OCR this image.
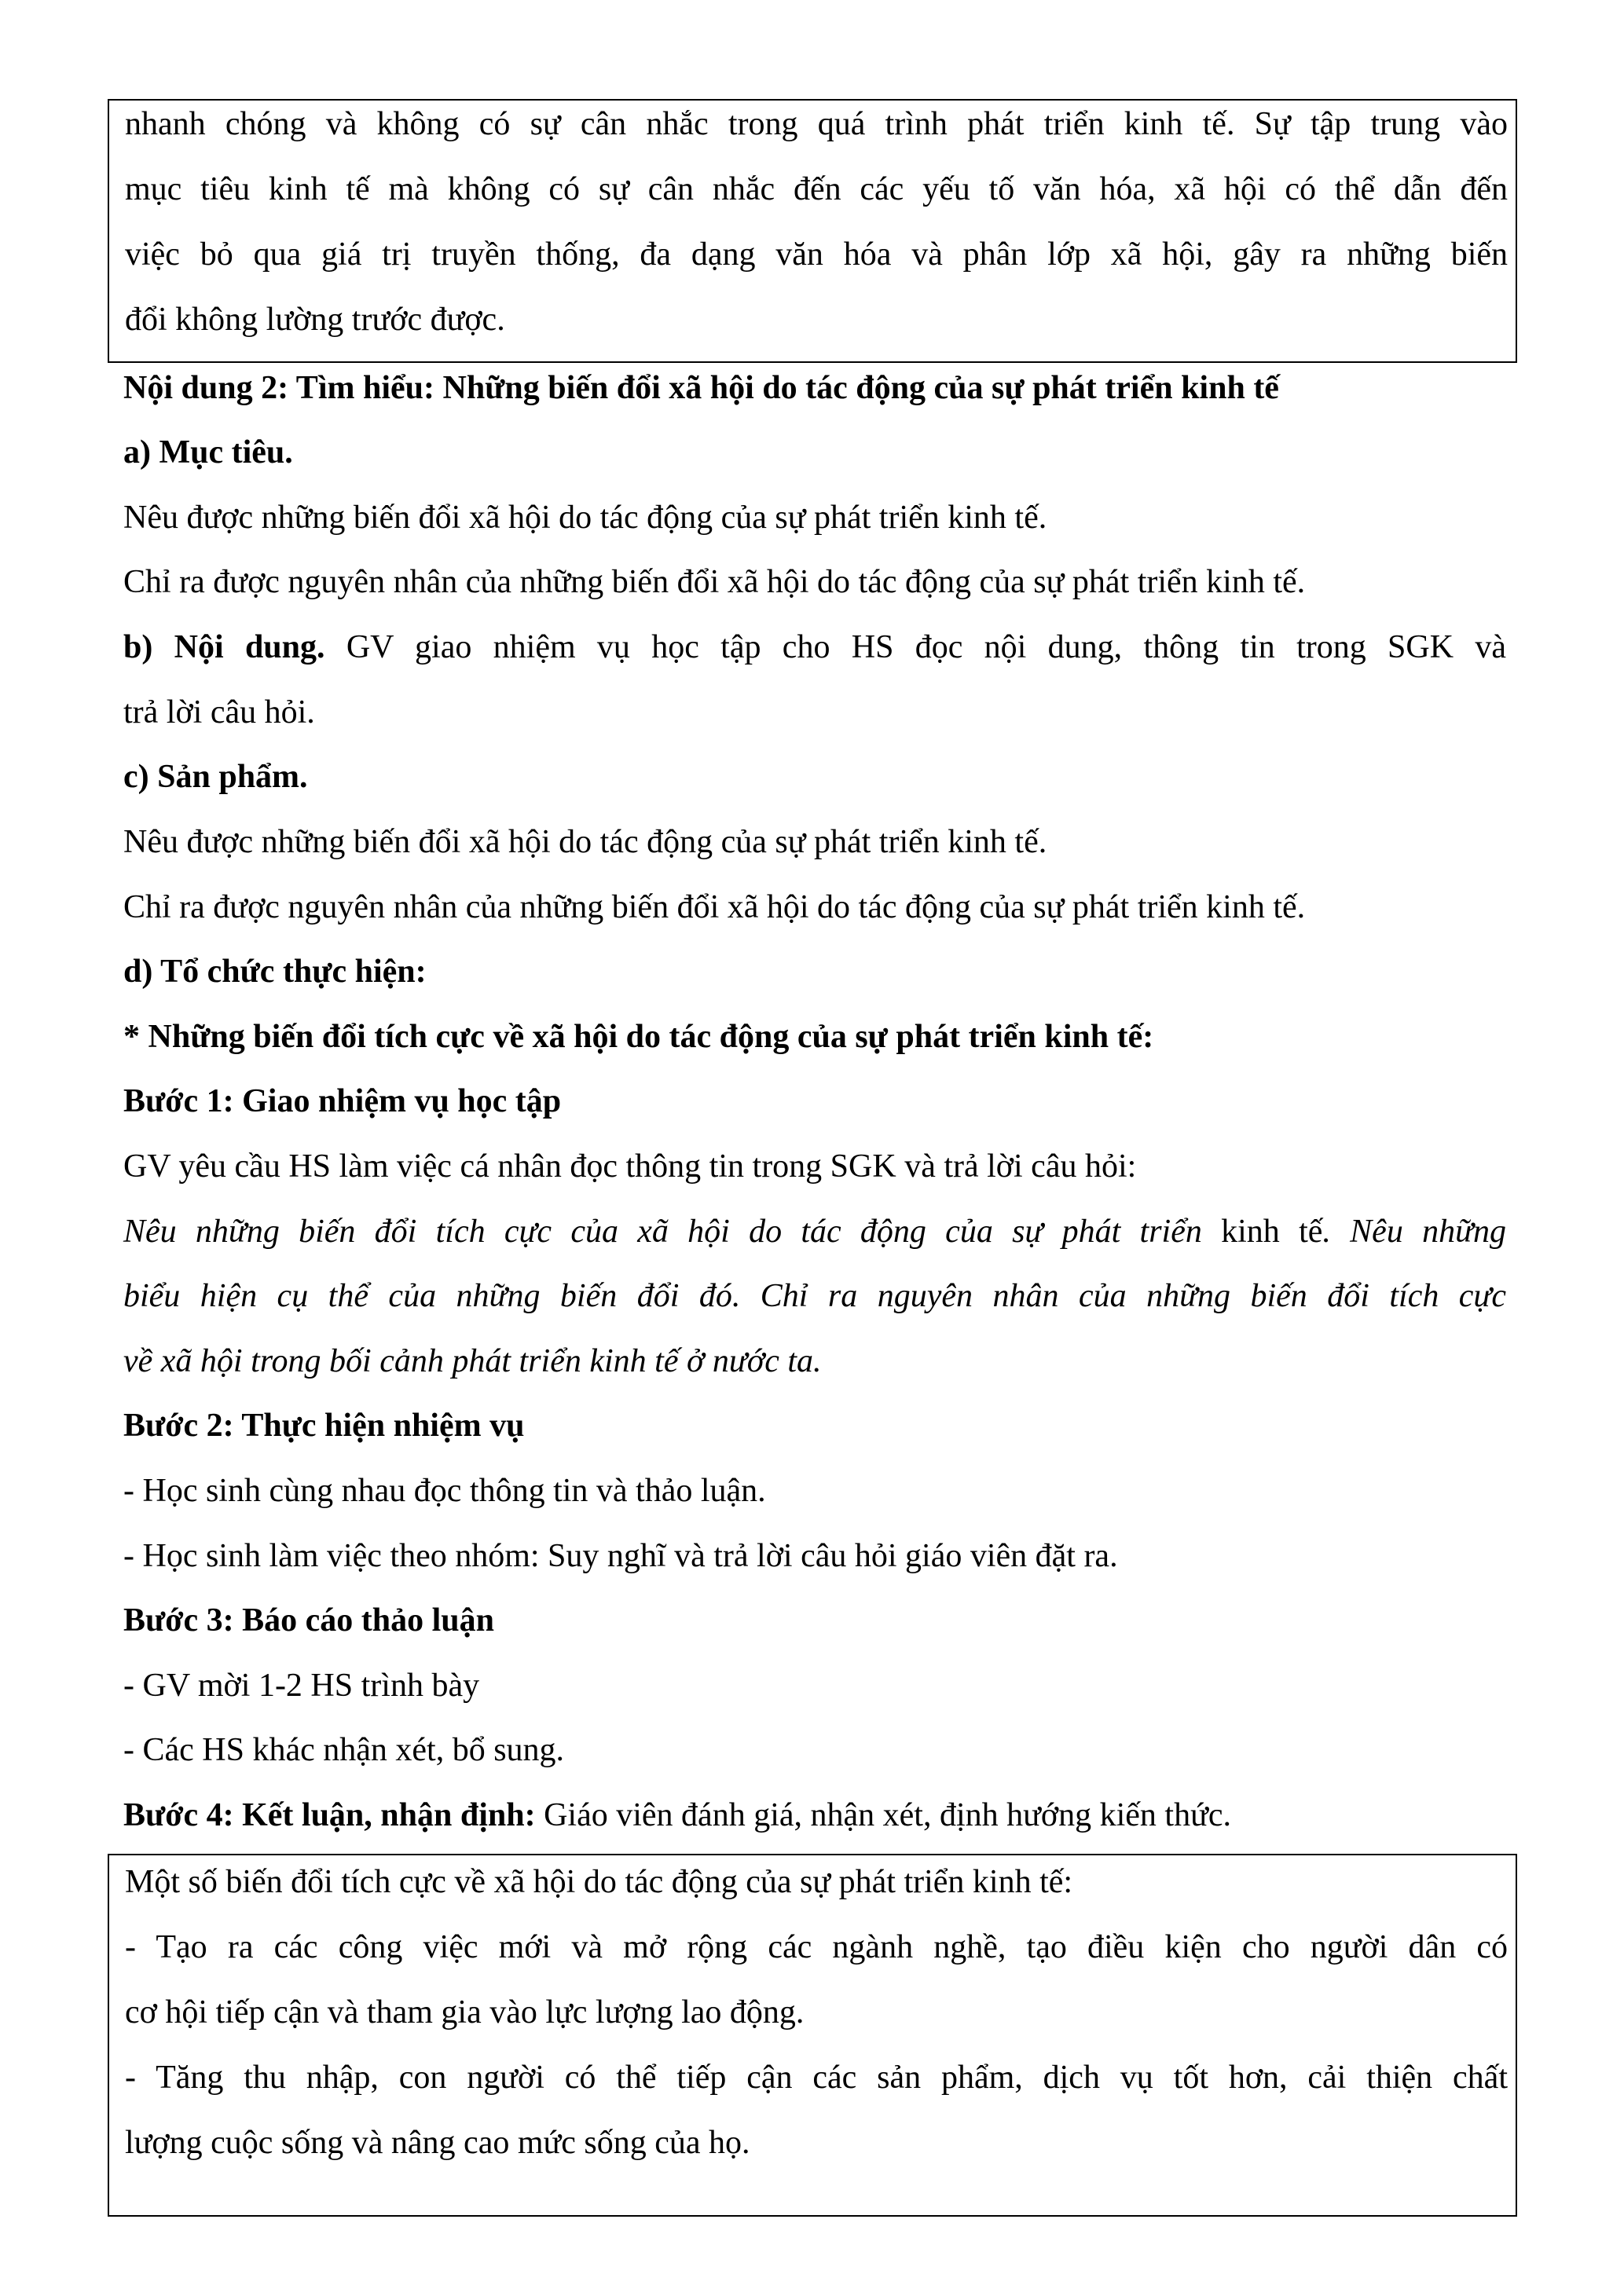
nhanh chóng và không có sự cân nhắc trong quá trình phát triển kinh tế. Sự tập trung vào
mục tiêu kinh tế mà không có sự cân nhắc đến các yếu tố văn hóa, xã hội có thể dẫn đến
việc bỏ qua giá trị truyền thống, đa dạng văn hóa và phân lớp xã hội, gây ra những biến
đổi không lường trước được.
Nội dung 2: Tìm hiểu: Những biến đổi xã hội do tác động của sự phát triển kinh tế
a) Mục tiêu.
Nêu được những biến đổi xã hội do tác động của sự phát triển kinh tế.
Chỉ ra được nguyên nhân của những biến đổi xã hội do tác động của sự phát triển kinh tế.
b) Nội dung. GV giao nhiệm vụ học tập cho HS đọc nội dung, thông tin trong SGK và
trả lời câu hỏi.
c) Sản phẩm.
Nêu được những biến đổi xã hội do tác động của sự phát triển kinh tế.
Chỉ ra được nguyên nhân của những biến đổi xã hội do tác động của sự phát triển kinh tế.
d) Tổ chức thực hiện:
* Những biến đổi tích cực về xã hội do tác động của sự phát triển kinh tế:
Bước 1: Giao nhiệm vụ học tập
GV yêu cầu HS làm việc cá nhân đọc thông tin trong SGK và trả lời câu hỏi:
Nêu những biến đổi tích cực của xã hội do tác động của sự phát triển kinh tế. Nêu những
biểu hiện cụ thể của những biến đổi đó. Chỉ ra nguyên nhân của những biến đổi tích cực
về xã hội trong bối cảnh phát triển kinh tế ở nước ta.
Bước 2: Thực hiện nhiệm vụ
- Học sinh cùng nhau đọc thông tin và thảo luận.
- Học sinh làm việc theo nhóm: Suy nghĩ và trả lời câu hỏi giáo viên đặt ra.
Bước 3: Báo cáo thảo luận
- GV mời 1-2 HS trình bày
- Các HS khác nhận xét, bổ sung.
Bước 4: Kết luận, nhận định: Giáo viên đánh giá, nhận xét, định hướng kiến thức.
Một số biến đổi tích cực về xã hội do tác động của sự phát triển kinh tế:
- Tạo ra các công việc mới và mở rộng các ngành nghề, tạo điều kiện cho người dân có
cơ hội tiếp cận và tham gia vào lực lượng lao động.
- Tăng thu nhập, con người có thể tiếp cận các sản phẩm, dịch vụ tốt hơn, cải thiện chất
lượng cuộc sống và nâng cao mức sống của họ.
